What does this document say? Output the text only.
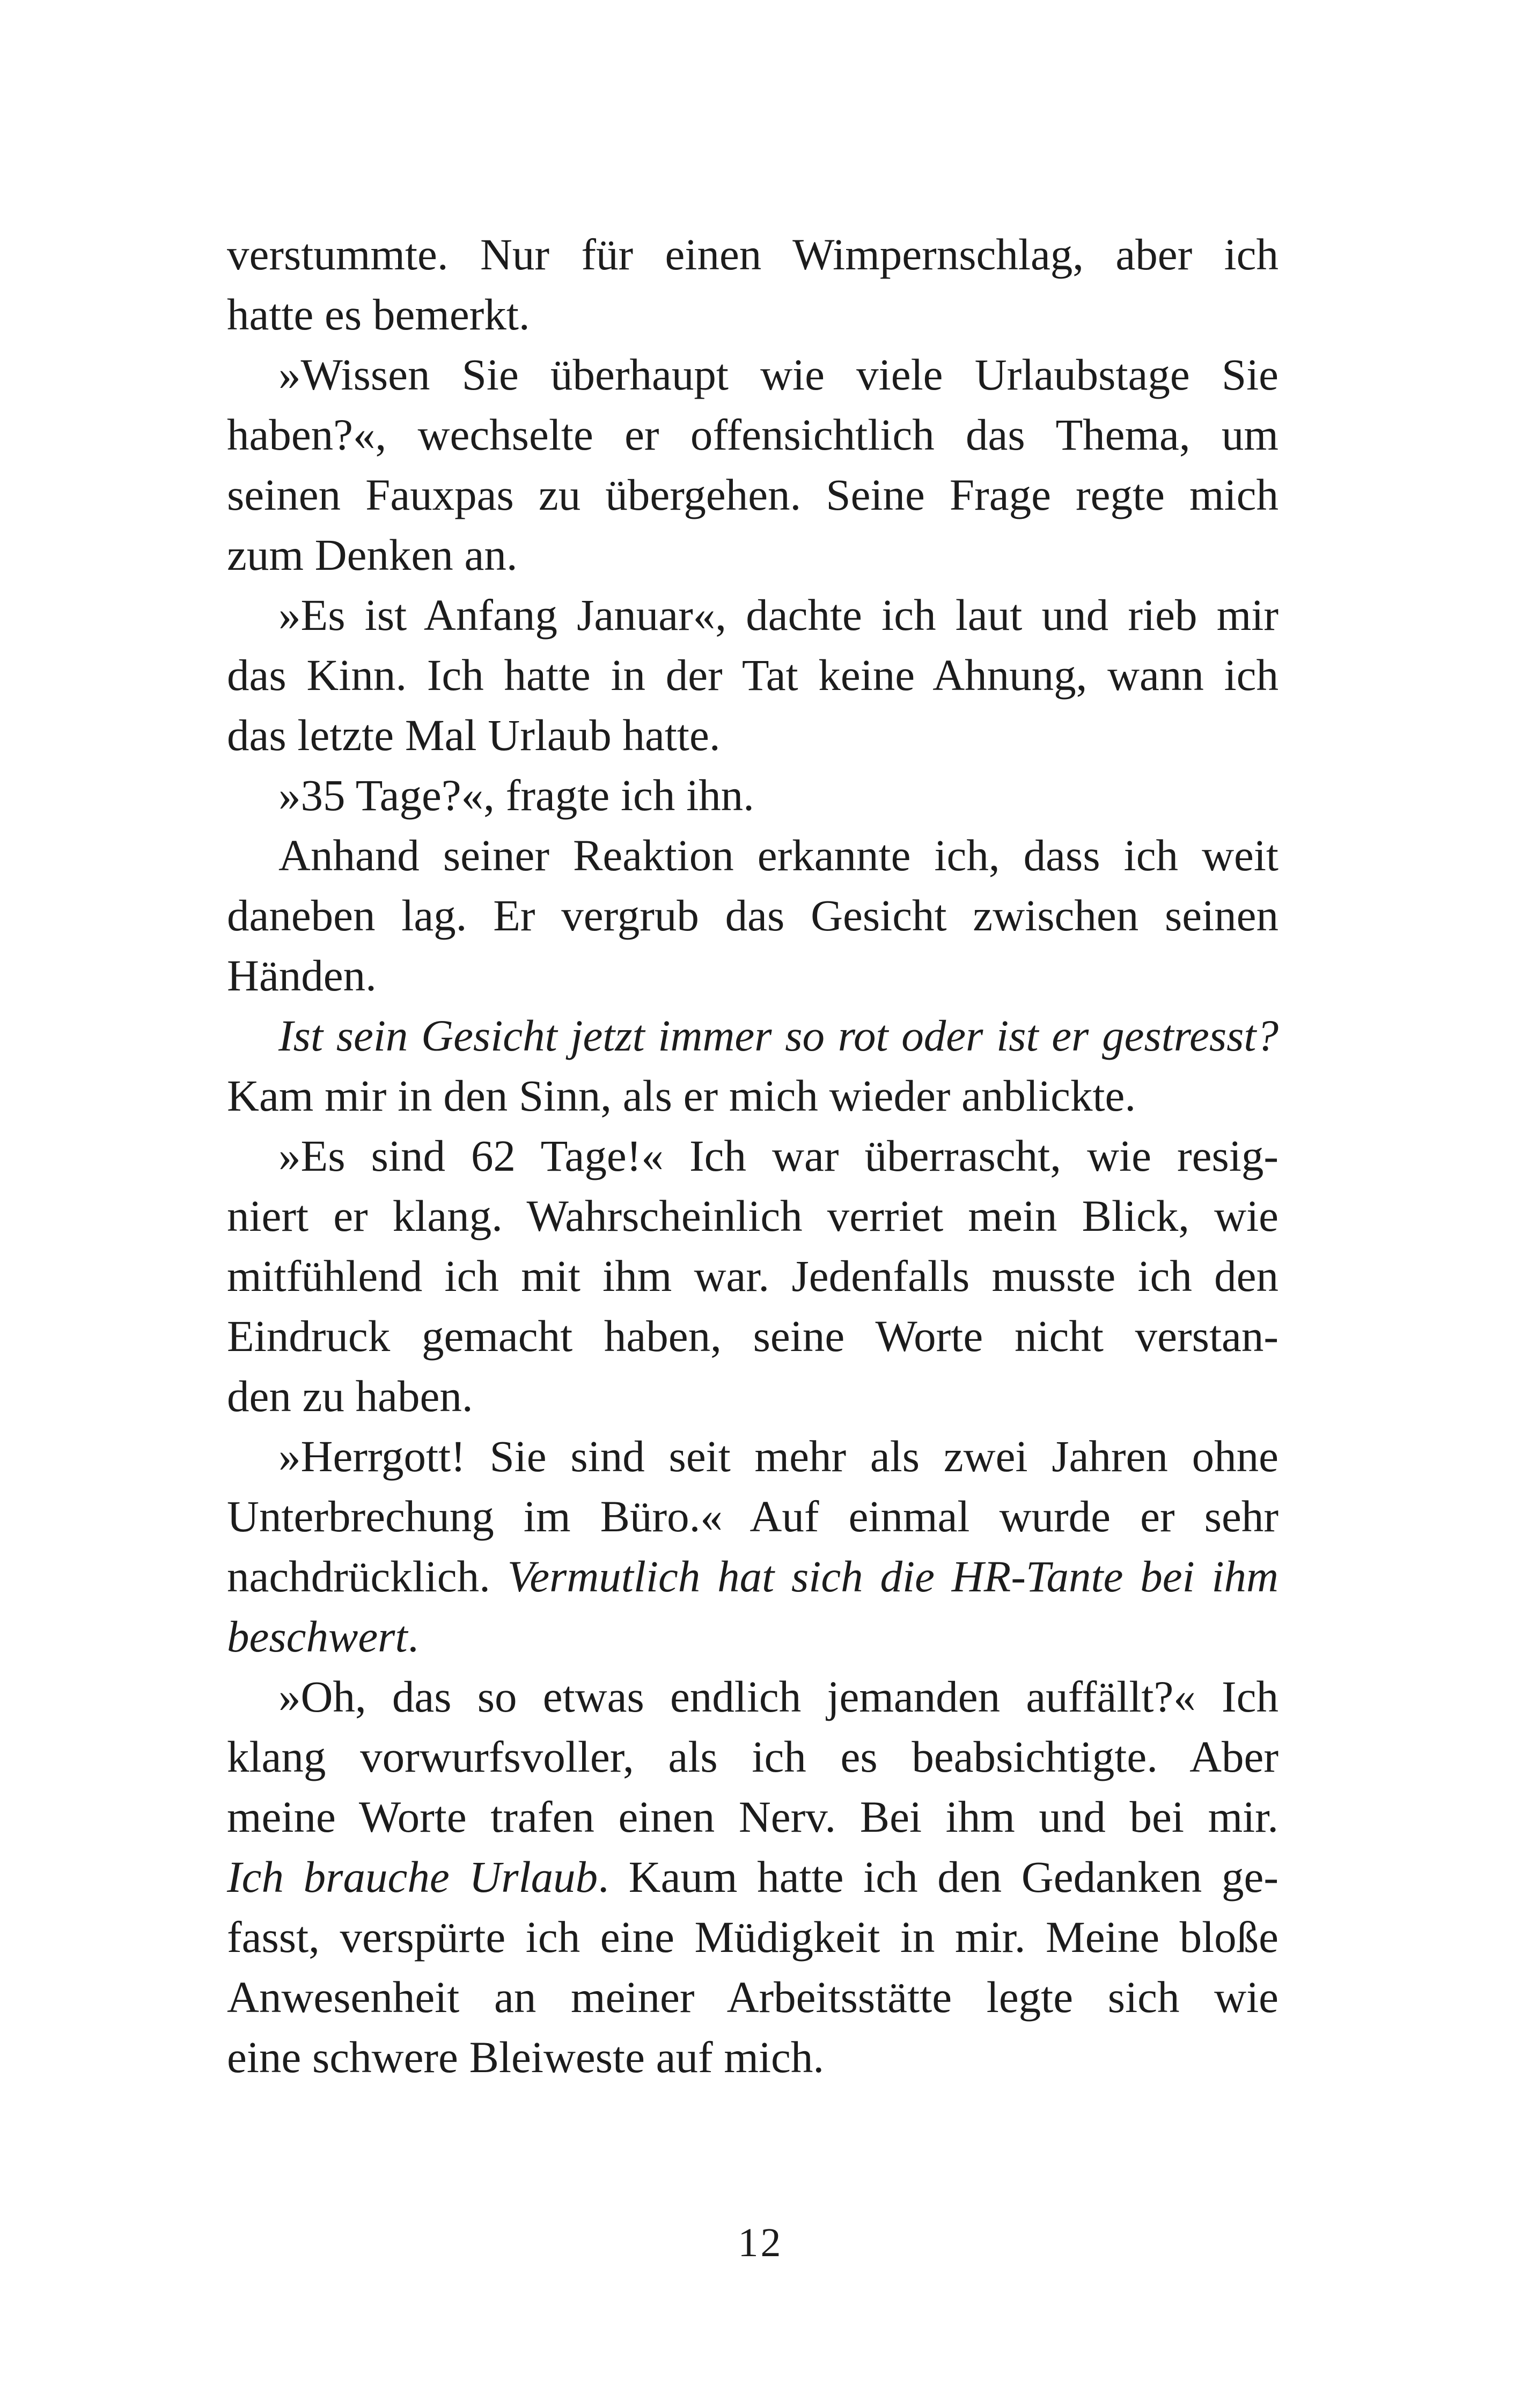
verstummte. Nur für einen Wimpernschlag, aber ich
hatte es bemerkt.
»Wissen Sie überhaupt wie viele Urlaubstage Sie
haben?«, wechselte er offensichtlich das Thema, um
seinen Fauxpas zu übergehen. Seine Frage regte mich
zum Denken an.
»Es ist Anfang Januar«, dachte ich laut und rieb mir
das Kinn. Ich hatte in der Tat keine Ahnung, wann ich
das letzte Mal Urlaub hatte.
»35 Tage?«, fragte ich ihn.
Anhand seiner Reaktion erkannte ich, dass ich weit
daneben lag. Er vergrub das Gesicht zwischen seinen
Händen.
Ist sein Gesicht jetzt immer so rot oder ist er gestresst?
Kam mir in den Sinn, als er mich wieder anblickte.
»Es sind 62 Tage!« Ich war überrascht, wie resig-
niert er klang. Wahrscheinlich verriet mein Blick, wie
mitfühlend ich mit ihm war. Jedenfalls musste ich den
Eindruck gemacht haben, seine Worte nicht verstan-
den zu haben.
»Herrgott! Sie sind seit mehr als zwei Jahren ohne
Unterbrechung im Büro.« Auf einmal wurde er sehr
nachdrücklich. Vermutlich hat sich die HR-Tante bei ihm
beschwert.
»Oh, das so etwas endlich jemanden auffällt?« Ich
klang vorwurfsvoller, als ich es beabsichtigte. Aber
meine Worte trafen einen Nerv. Bei ihm und bei mir.
Ich brauche Urlaub. Kaum hatte ich den Gedanken ge-
fasst, verspürte ich eine Müdigkeit in mir. Meine bloße
Anwesenheit an meiner Arbeitsstätte legte sich wie
eine schwere Bleiweste auf mich.
12
